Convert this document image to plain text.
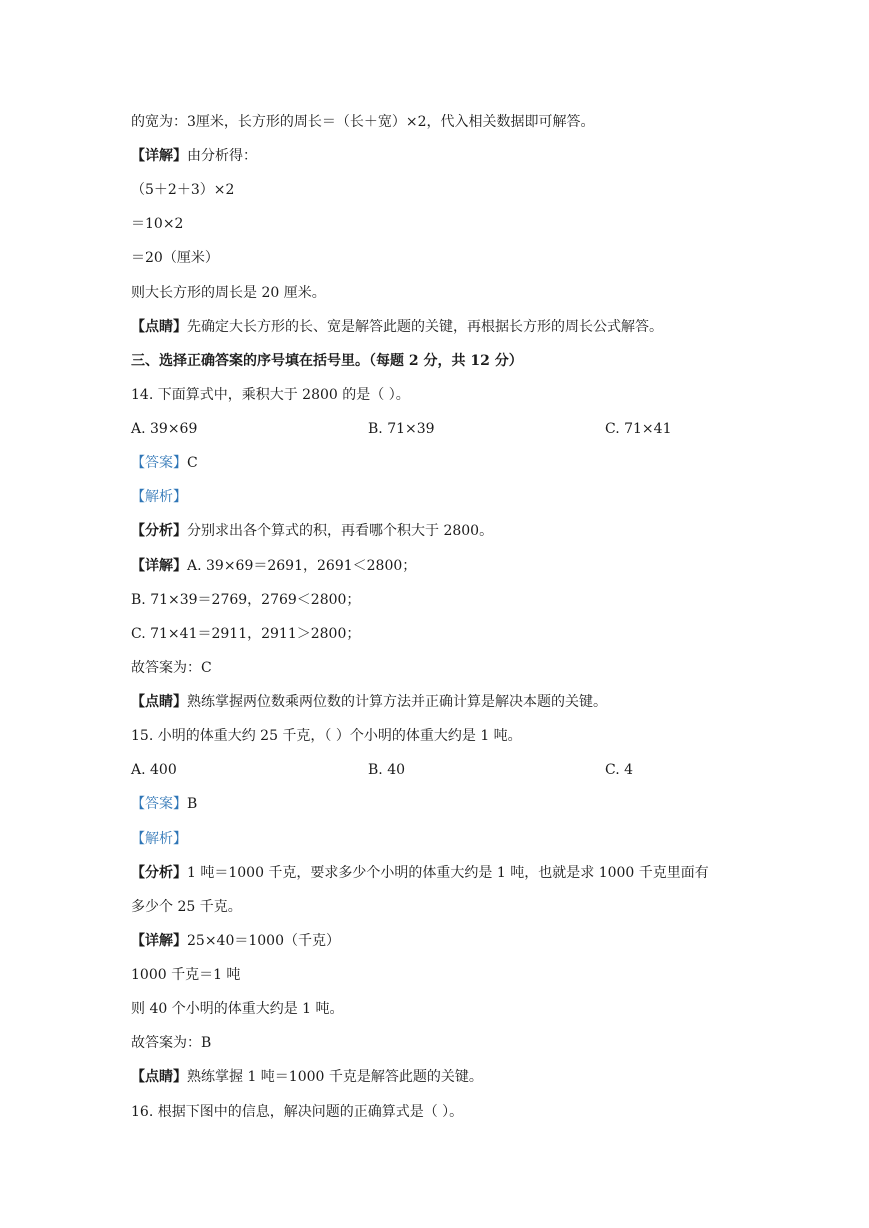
的宽为：3厘米，长方形的周长＝（长＋宽）×2，代入相关数据即可解答。
【详解】由分析得：
（5＋2＋3）×2
＝10×2
＝20（厘米）
则大长方形的周长是 20 厘米。
【点睛】先确定大长方形的长、宽是解答此题的关键，再根据长方形的周长公式解答。
三、选择正确答案的序号填在括号里。（每题 2 分，共 12 分）
14. 下面算式中，乘积大于 2800 的是（ ）。
A. 39×69	B. 71×39	C. 71×41
【答案】C
【解析】
【分析】分别求出各个算式的积，再看哪个积大于 2800。
【详解】A. 39×69＝2691，2691＜2800；
B. 71×39＝2769，2769＜2800；
C. 71×41＝2911，2911＞2800；
故答案为：C
【点睛】熟练掌握两位数乘两位数的计算方法并正确计算是解决本题的关键。
15. 小明的体重大约 25 千克，（ ）个小明的体重大约是 1 吨。
A. 400	B. 40	C. 4
【答案】B
【解析】
【分析】1 吨＝1000 千克，要求多少个小明的体重大约是 1 吨，也就是求 1000 千克里面有
多少个 25 千克。
【详解】25×40＝1000（千克）
1000 千克＝1 吨
则 40 个小明的体重大约是 1 吨。
故答案为：B
【点睛】熟练掌握 1 吨＝1000 千克是解答此题的关键。
16. 根据下图中的信息，解决问题的正确算式是（ ）。
